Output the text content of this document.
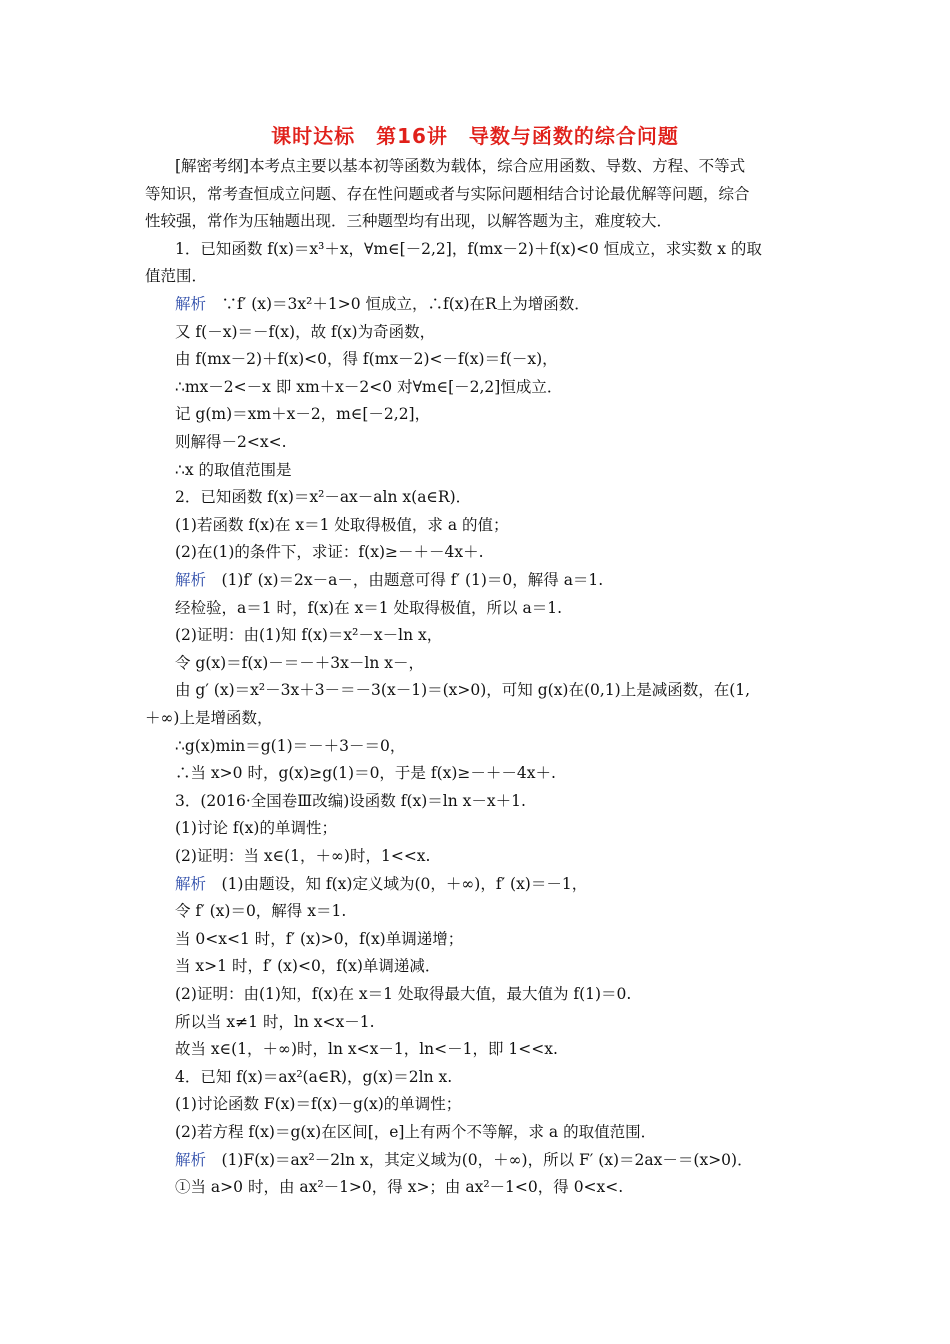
课时达标　第16讲　导数与函数的综合问题
[解密考纲]本考点主要以基本初等函数为载体，综合应用函数、导数、方程、不等式
等知识，常考查恒成立问题、存在性问题或者与实际问题相结合讨论最优解等问题，综合
性较强，常作为压轴题出现．三种题型均有出现，以解答题为主，难度较大．
1．已知函数 f(x)＝x³＋x，∀m∈[－2,2]，f(mx－2)＋f(x)<0 恒成立，求实数 x 的取
值范围．
解析　∵f′ (x)＝3x²＋1>0 恒成立，∴f(x)在R上为增函数．
又 f(－x)＝－f(x)，故 f(x)为奇函数，
由 f(mx－2)＋f(x)<0，得 f(mx－2)<－f(x)＝f(－x)，
∴mx－2<－x 即 xm＋x－2<0 对∀m∈[－2,2]恒成立．
记 g(m)＝xm＋x－2，m∈[－2,2]，
则解得－2<x<.
∴x 的取值范围是
2．已知函数 f(x)＝x²－ax－aln x(a∈R)．
(1)若函数 f(x)在 x＝1 处取得极值，求 a 的值；
(2)在(1)的条件下，求证：f(x)≥－＋－4x＋.
解析　(1)f′ (x)＝2x－a－，由题意可得 f′ (1)＝0，解得 a＝1.
经检验，a＝1 时，f(x)在 x＝1 处取得极值，所以 a＝1.
(2)证明：由(1)知 f(x)＝x²－x－ln x，
令 g(x)＝f(x)－＝－＋3x－ln x－，
由 g′ (x)＝x²－3x＋3－＝－3(x－1)＝(x>0)，可知 g(x)在(0,1)上是减函数，在(1,
＋∞)上是增函数，
∴g(x)min＝g(1)＝－＋3－＝0，
∴当 x>0 时，g(x)≥g(1)＝0，于是 f(x)≥－＋－4x＋.
3．(2016·全国卷Ⅲ改编)设函数 f(x)＝ln x－x＋1.
(1)讨论 f(x)的单调性；
(2)证明：当 x∈(1，＋∞)时，1<<x.
解析　(1)由题设，知 f(x)定义域为(0，＋∞)，f′ (x)＝－1，
令 f′ (x)＝0，解得 x＝1.
当 0<x<1 时，f′ (x)>0，f(x)单调递增；
当 x>1 时，f′ (x)<0，f(x)单调递减．
(2)证明：由(1)知，f(x)在 x＝1 处取得最大值，最大值为 f(1)＝0.
所以当 x≠1 时，ln x<x－1.
故当 x∈(1，＋∞)时，ln x<x－1，ln<－1，即 1<<x.
4．已知 f(x)＝ax²(a∈R)，g(x)＝2ln x.
(1)讨论函数 F(x)＝f(x)－g(x)的单调性；
(2)若方程 f(x)＝g(x)在区间[，e]上有两个不等解，求 a 的取值范围．
解析　(1)F(x)＝ax²－2ln x，其定义域为(0，＋∞)，所以 F′ (x)＝2ax－＝(x>0)．
①当 a>0 时，由 ax²－1>0，得 x>；由 ax²－1<0，得 0<x<.
